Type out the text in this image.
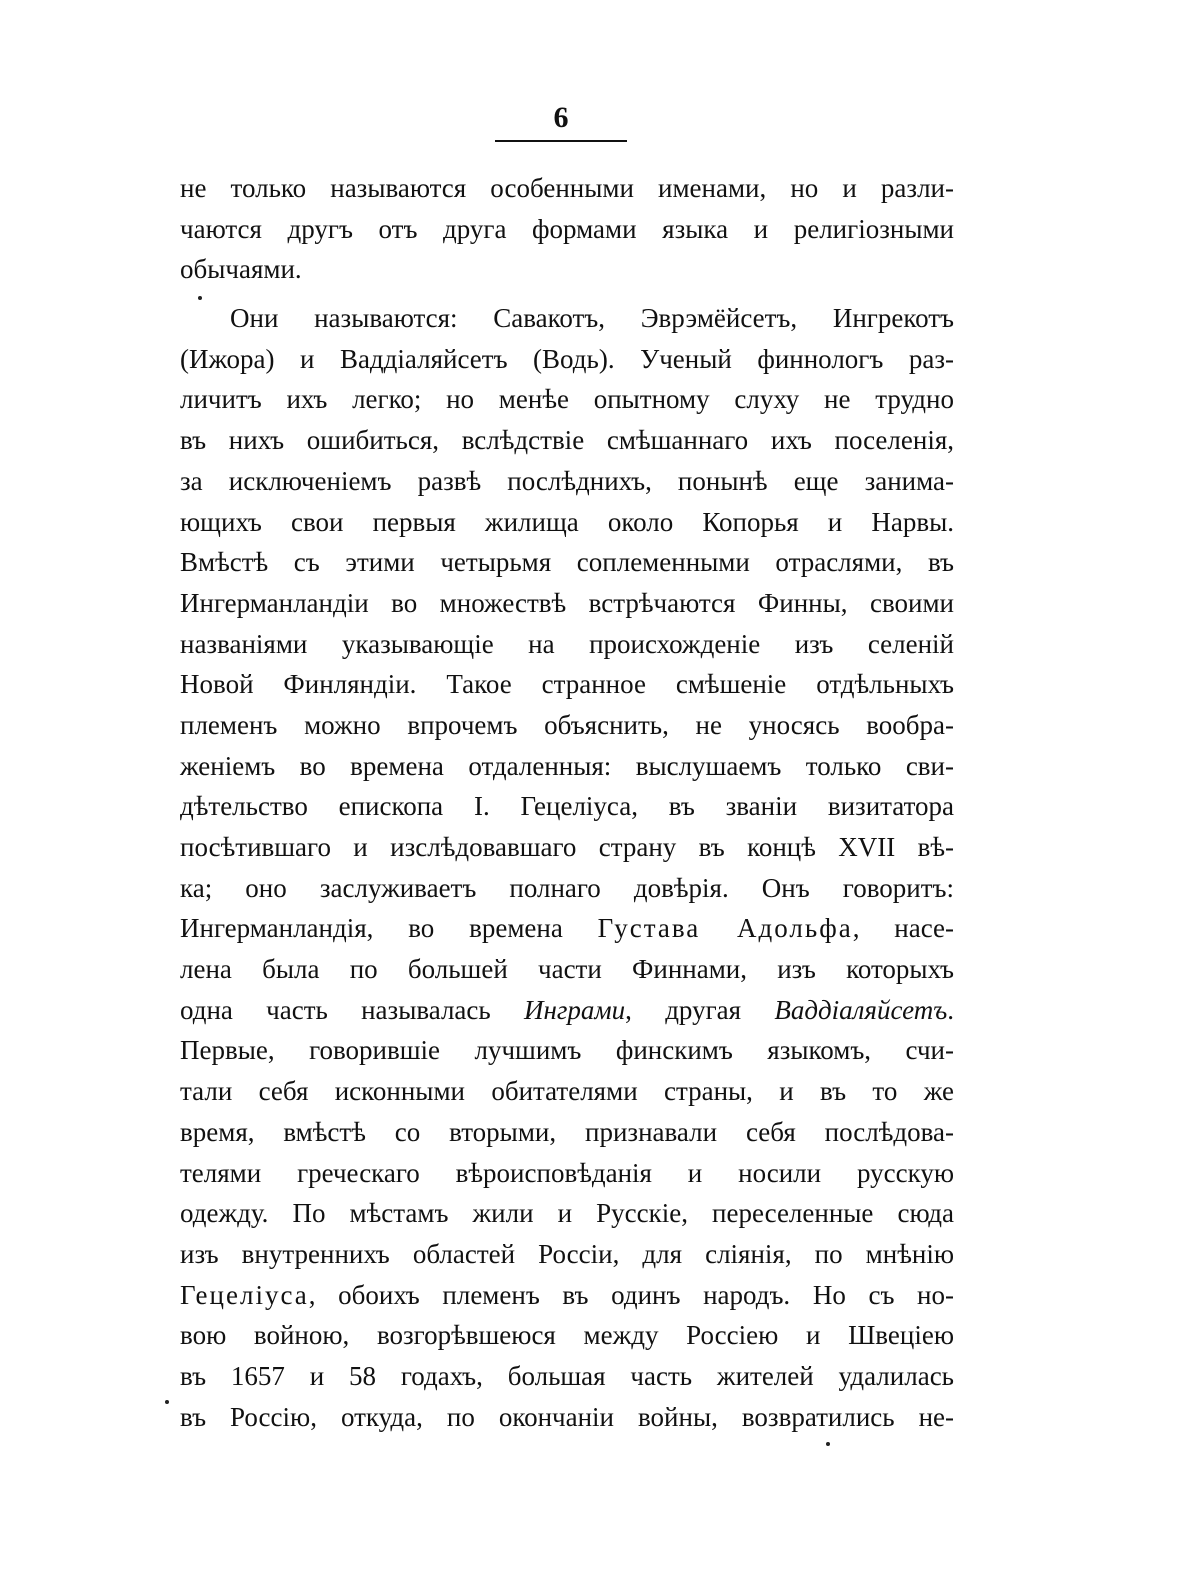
6
не только называются особенными именами, но и разли-
чаются другъ отъ друга формами языка и религіозными
обычаями.
Они называются: Савакотъ, Эврэмёйсетъ, Ингрекотъ
(Ижора) и Ваддіаляйсетъ (Водь). Ученый финнологъ раз-
личитъ ихъ легко; но менѣе опытному слуху не трудно
въ нихъ ошибиться, вслѣдствіе смѣшаннаго ихъ поселенія,
за исключеніемъ развѣ послѣднихъ, понынѣ еще занима-
ющихъ свои первыя жилища около Копорья и Нарвы.
Вмѣстѣ съ этими четырьмя соплеменными отраслями, въ
Ингерманландіи во множествѣ встрѣчаются Финны, своими
названіями указывающіе на происхожденіе изъ селеній
Новой Финляндіи. Такое странное смѣшеніе отдѣльныхъ
племенъ можно впрочемъ объяснить, не уносясь вообра-
женіемъ во времена отдаленныя: выслушаемъ только сви-
дѣтельство епископа І. Гецеліуса, въ званіи визитатора
посѣтившаго и изслѣдовавшаго страну въ концѣ XVII вѣ-
ка; оно заслуживаетъ полнаго довѣрія. Онъ говоритъ:
Ингерманландія, во времена Густава Адольфа, насе-
лена была по большей части Финнами, изъ которыхъ
одна часть называлась Инграми, другая Ваддіаляйсетъ.
Первые, говорившіе лучшимъ финскимъ языкомъ, счи-
тали себя исконными обитателями страны, и въ то же
время, вмѣстѣ со вторыми, признавали себя послѣдова-
телями греческаго вѣроисповѣданія и носили русскую
одежду. По мѣстамъ жили и Русскіе, переселенные сюда
изъ внутреннихъ областей Россіи, для слiянiя, по мнѣнію
Гецеліуса, обоихъ племенъ въ одинъ народъ. Но съ но-
вою войною, возгорѣвшеюся между Россіею и Швеціею
въ 1657 и 58 годахъ, большая часть жителей удалилась
въ Россію, откуда, по окончаніи войны, возвратились не-
